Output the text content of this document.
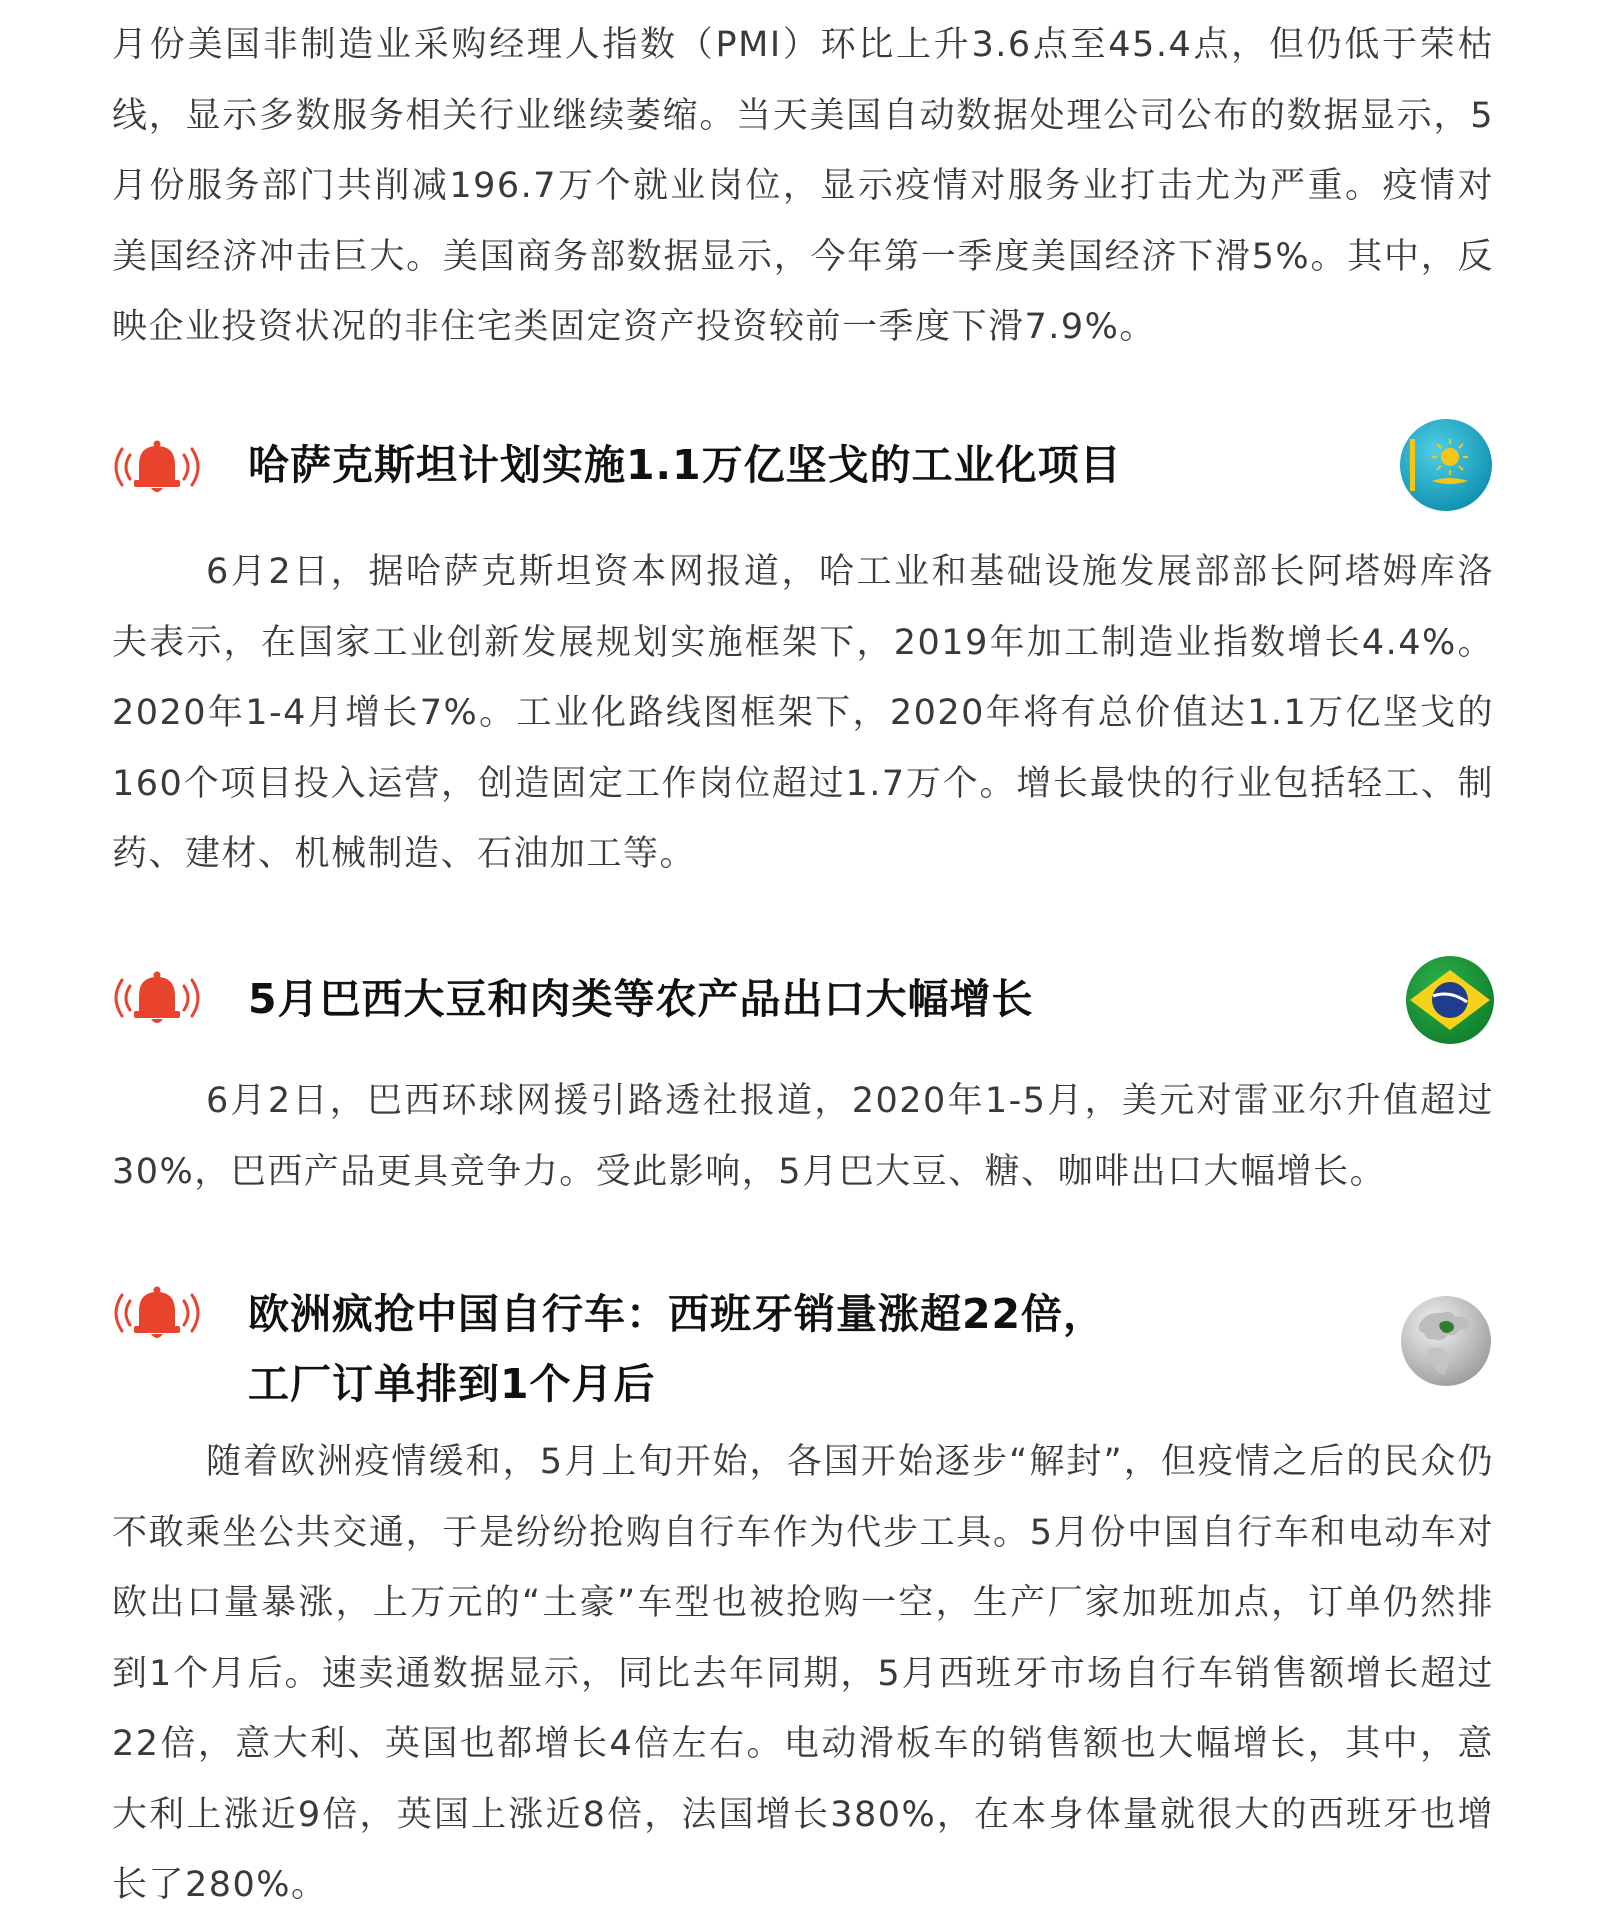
月份美国非制造业采购经理人指数（PMI）环比上升3.6点至45.4点，但仍低于荣枯线，显示多数服务相关行业继续萎缩。当天美国自动数据处理公司公布的数据显示，5月份服务部门共削减196.7万个就业岗位，显示疫情对服务业打击尤为严重。疫情对美国经济冲击巨大。美国商务部数据显示，今年第一季度美国经济下滑5%。其中，反映企业投资状况的非住宅类固定资产投资较前一季度下滑7.9%。

哈萨克斯坦计划实施1.1万亿坚戈的工业化项目

6月2日，据哈萨克斯坦资本网报道，哈工业和基础设施发展部部长阿塔姆库洛夫表示，在国家工业创新发展规划实施框架下，2019年加工制造业指数增长4.4%。2020年1-4月增长7%。工业化路线图框架下，2020年将有总价值达1.1万亿坚戈的160个项目投入运营，创造固定工作岗位超过1.7万个。增长最快的行业包括轻工、制药、建材、机械制造、石油加工等。

5月巴西大豆和肉类等农产品出口大幅增长

6月2日，巴西环球网援引路透社报道，2020年1-5月，美元对雷亚尔升值超过30%，巴西产品更具竞争力。受此影响，5月巴大豆、糖、咖啡出口大幅增长。

欧洲疯抢中国自行车：西班牙销量涨超22倍，
工厂订单排到1个月后

随着欧洲疫情缓和，5月上旬开始，各国开始逐步“解封”，但疫情之后的民众仍不敢乘坐公共交通，于是纷纷抢购自行车作为代步工具。5月份中国自行车和电动车对欧出口量暴涨，上万元的“土豪”车型也被抢购一空，生产厂家加班加点，订单仍然排到1个月后。速卖通数据显示，同比去年同期，5月西班牙市场自行车销售额增长超过22倍，意大利、英国也都增长4倍左右。电动滑板车的销售额也大幅增长，其中，意大利上涨近9倍，英国上涨近8倍，法国增长380%，在本身体量就很大的西班牙也增长了280%。
